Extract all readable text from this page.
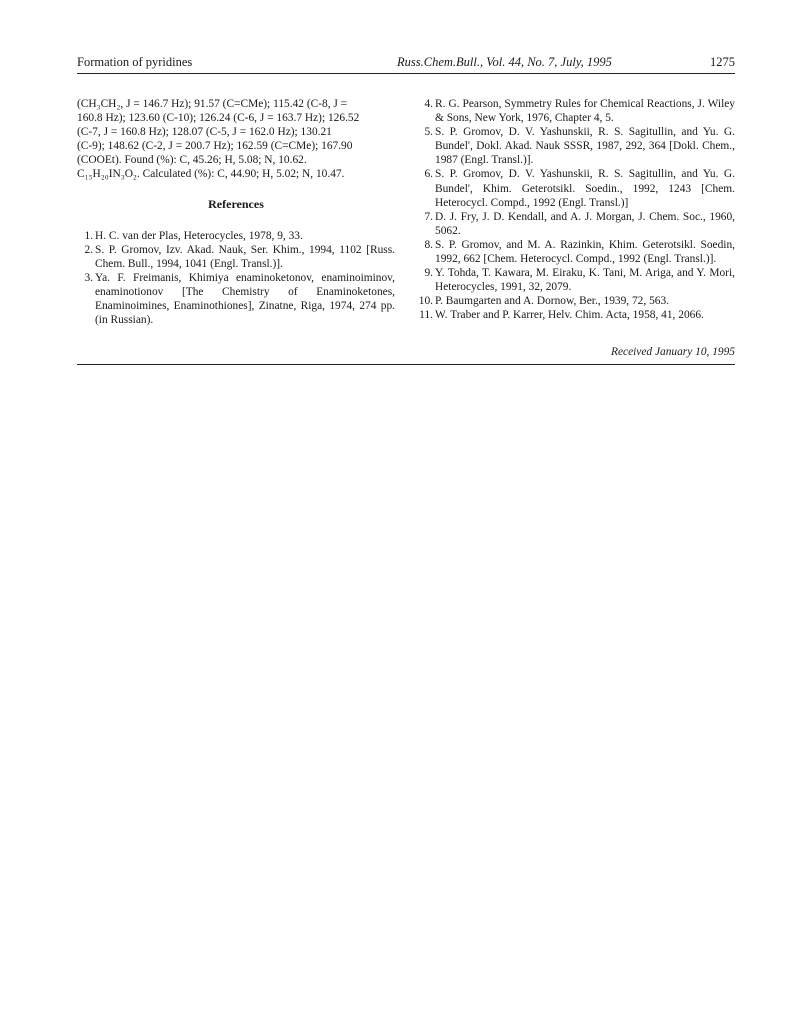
Formation of pyridines	Russ.Chem.Bull., Vol. 44, No. 7, July, 1995	1275
(CH₃CH₂, J = 146.7 Hz); 91.57 (C=CMe); 115.42 (C-8, J =
160.8 Hz); 123.60 (C-10); 126.24 (C-6, J = 163.7 Hz); 126.52
(C-7, J = 160.8 Hz); 128.07 (C-5, J = 162.0 Hz); 130.21
(C-9); 148.62 (C-2, J = 200.7 Hz); 162.59 (C=CMe); 167.90
(COOEt). Found (%): C, 45.26; H, 5.08; N, 10.62.
C₁₅H₂₀IN₃O₂. Calculated (%): C, 44.90; H, 5.02; N, 10.47.
References
1. H. C. van der Plas, Heterocycles, 1978, 9, 33.
2. S. P. Gromov, Izv. Akad. Nauk, Ser. Khim., 1994, 1102 [Russ. Chem. Bull., 1994, 1041 (Engl. Transl.)].
3. Ya. F. Freimanis, Khimiya enaminoketonov, enaminoiminov, enaminotionov [The Chemistry of Enaminoketones, Enaminoimines, Enaminothiones], Zinatne, Riga, 1974, 274 pp. (in Russian).
4. R. G. Pearson, Symmetry Rules for Chemical Reactions, J. Wiley & Sons, New York, 1976, Chapter 4, 5.
5. S. P. Gromov, D. V. Yashunskii, R. S. Sagitullin, and Yu. G. Bundel', Dokl. Akad. Nauk SSSR, 1987, 292, 364 [Dokl. Chem., 1987 (Engl. Transl.)].
6. S. P. Gromov, D. V. Yashunskii, R. S. Sagitullin, and Yu. G. Bundel', Khim. Geterotsikl. Soedin., 1992, 1243 [Chem. Heterocycl. Compd., 1992 (Engl. Transl.)]
7. D. J. Fry, J. D. Kendall, and A. J. Morgan, J. Chem. Soc., 1960, 5062.
8. S. P. Gromov, and M. A. Razinkin, Khim. Geterotsikl. Soedin, 1992, 662 [Chem. Heterocycl. Compd., 1992 (Engl. Transl.)].
9. Y. Tohda, T. Kawara, M. Eiraku, K. Tani, M. Ariga, and Y. Mori, Heterocycles, 1991, 32, 2079.
10. P. Baumgarten and A. Dornow, Ber., 1939, 72, 563.
11. W. Traber and P. Karrer, Helv. Chim. Acta, 1958, 41, 2066.
Received January 10, 1995
